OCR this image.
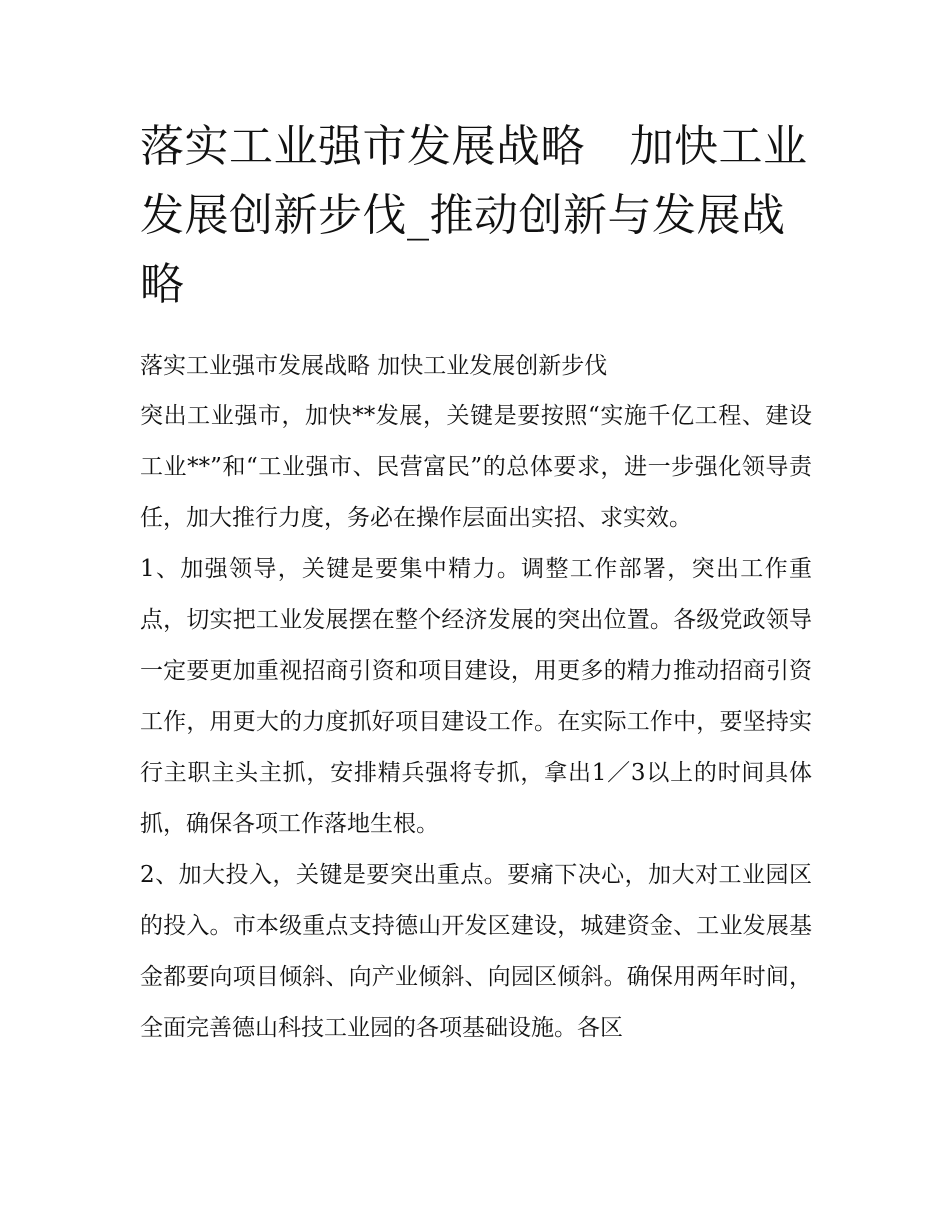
落实工业强市发展战略　加快工业发展创新步伐_推动创新与发展战略

落实工业强市发展战略 加快工业发展创新步伐

突出工业强市，加快**发展，关键是要按照“实施千亿工程、建设工业**”和“工业强市、民营富民”的总体要求，进一步强化领导责任，加大推行力度，务必在操作层面出实招、求实效。

1、加强领导，关键是要集中精力。调整工作部署，突出工作重点，切实把工业发展摆在整个经济发展的突出位置。各级党政领导一定要更加重视招商引资和项目建设，用更多的精力推动招商引资工作，用更大的力度抓好项目建设工作。在实际工作中，要坚持实行主职主头主抓，安排精兵强将专抓，拿出1／3以上的时间具体抓，确保各项工作落地生根。

2、加大投入，关键是要突出重点。要痛下决心，加大对工业园区的投入。市本级重点支持德山开发区建设，城建资金、工业发展基金都要向项目倾斜、向产业倾斜、向园区倾斜。确保用两年时间，全面完善德山科技工业园的各项基础设施。各区
